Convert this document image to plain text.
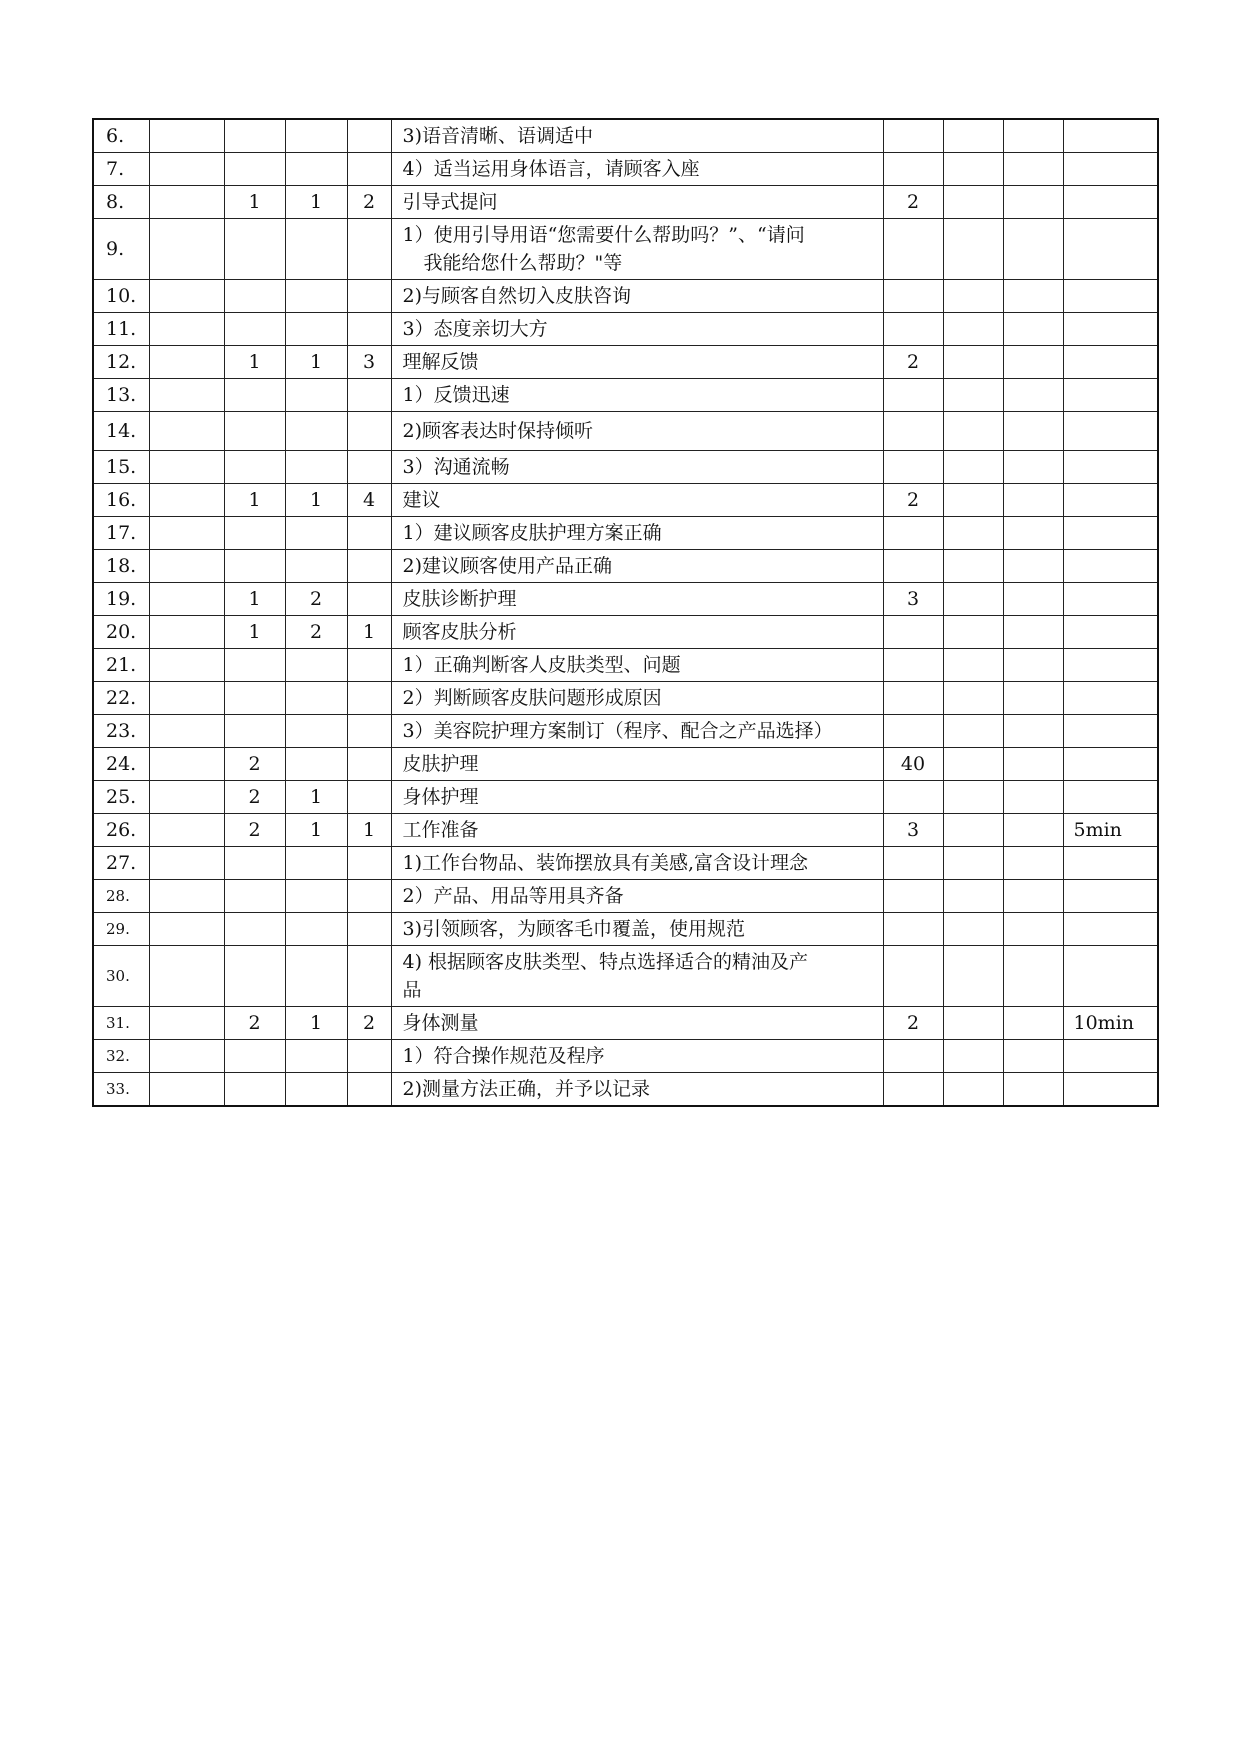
6.					3)语音清晰、语调适中				
7.					4）适当运用身体语言，请顾客入座				
8.		1	1	2	引导式提问	2			
9.					1）使用引导用语“您需要什么帮助吗？”、“请问
我能给您什么帮助？"等				

10.					2)与顾客自然切入皮肤咨询				
11.					3）态度亲切大方				
12.		1	1	3	理解反馈	2			
13.					1）反馈迅速				
14.					2)顾客表达时保持倾听				
15.					3）沟通流畅				
16.		1	1	4	建议	2			
17.					1）建议顾客皮肤护理方案正确				
18.					2)建议顾客使用产品正确				
19.		1	2		皮肤诊断护理	3			
20.		1	2	1	顾客皮肤分析				
21.					1）正确判断客人皮肤类型、问题				
22.					2）判断顾客皮肤问题形成原因				
23.					3）美容院护理方案制订（程序、配合之产品选择）				
24.		2			皮肤护理	40			
25.		2	1		身体护理				
26.		2	1	1	工作准备	3			5min
27.					1)工作台物品、装饰摆放具有美感,富含设计理念				
28.					2）产品、用品等用具齐备				
29.					3)引领顾客，为顾客毛巾覆盖，使用规范				
30.					4) 根据顾客皮肤类型、特点选择适合的精油及产
品				

31.		2	1	2	身体测量	2			10min
32.					1）符合操作规范及程序				
33.					2)测量方法正确，并予以记录				
